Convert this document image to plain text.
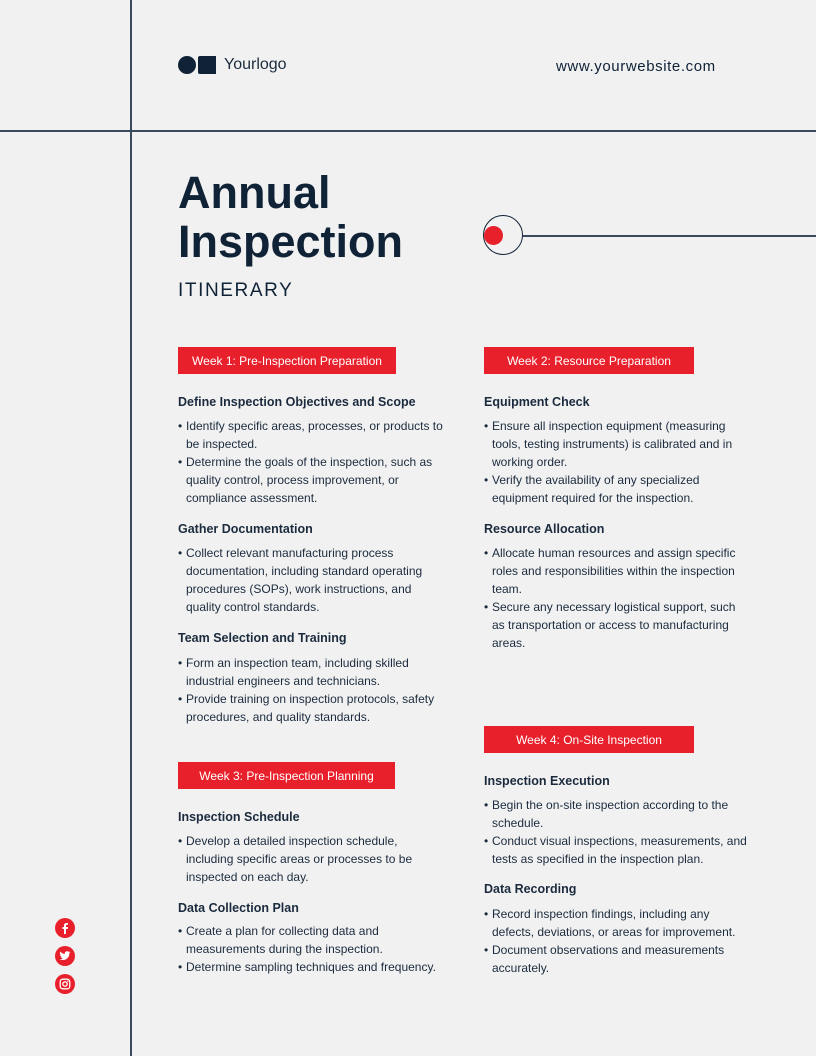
Yourlogo	www.yourwebsite.com
Annual
Inspection
ITINERARY
Week 1: Pre-Inspection Preparation
Define Inspection Objectives and Scope
• Identify specific areas, processes, or products to be inspected.
• Determine the goals of the inspection, such as quality control, process improvement, or compliance assessment.
Gather Documentation
• Collect relevant manufacturing process documentation, including standard operating procedures (SOPs), work instructions, and quality control standards.
Team Selection and Training
• Form an inspection team, including skilled industrial engineers and technicians.
• Provide training on inspection protocols, safety procedures, and quality standards.
Week 2: Resource Preparation
Equipment Check
• Ensure all inspection equipment (measuring tools, testing instruments) is calibrated and in working order.
• Verify the availability of any specialized equipment required for the inspection.
Resource Allocation
• Allocate human resources and assign specific roles and responsibilities within the inspection team.
• Secure any necessary logistical support, such as transportation or access to manufacturing areas.
Week 3: Pre-Inspection Planning
Inspection Schedule
• Develop a detailed inspection schedule, including specific areas or processes to be inspected on each day.
Data Collection Plan
• Create a plan for collecting data and measurements during the inspection.
• Determine sampling techniques and frequency.
Week 4: On-Site Inspection
Inspection Execution
• Begin the on-site inspection according to the schedule.
• Conduct visual inspections, measurements, and tests as specified in the inspection plan.
Data Recording
• Record inspection findings, including any defects, deviations, or areas for improvement.
• Document observations and measurements accurately.
